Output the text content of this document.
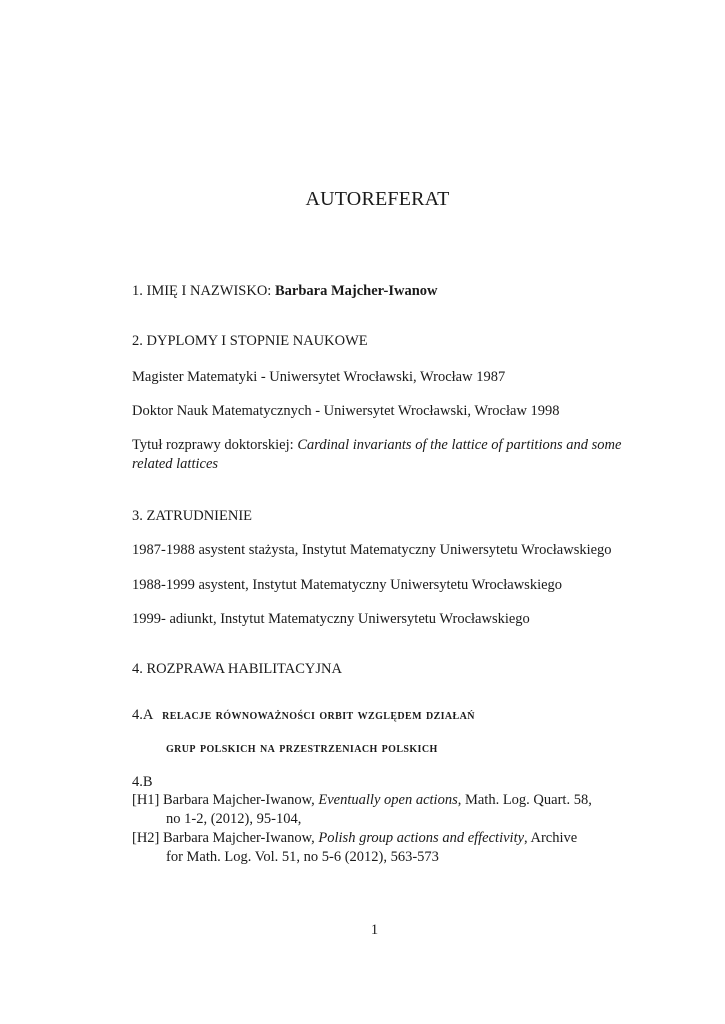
AUTOREFERAT
1. IMIĘ I NAZWISKO: Barbara Majcher-Iwanow
2. DYPLOMY I STOPNIE NAUKOWE
Magister Matematyki - Uniwersytet Wrocławski, Wrocław 1987
Doktor Nauk Matematycznych - Uniwersytet Wrocławski, Wrocław 1998
Tytuł rozprawy doktorskiej: Cardinal invariants of the lattice of partitions and some related lattices
3. ZATRUDNIENIE
1987-1988 asystent stażysta, Instytut Matematyczny Uniwersytetu Wrocławskiego
1988-1999 asystent, Instytut Matematyczny Uniwersytetu Wrocławskiego
1999- adiunkt, Instytut Matematyczny Uniwersytetu Wrocławskiego
4. ROZPRAWA HABILITACYJNA
4.A relacje równoważności orbit względem działań
grup polskich na przestrzeniach polskich
4.B
[H1] Barbara Majcher-Iwanow, Eventually open actions, Math. Log. Quart. 58,
no 1-2, (2012), 95-104,
[H2] Barbara Majcher-Iwanow, Polish group actions and effectivity, Archive
for Math. Log. Vol. 51, no 5-6 (2012), 563-573
1
